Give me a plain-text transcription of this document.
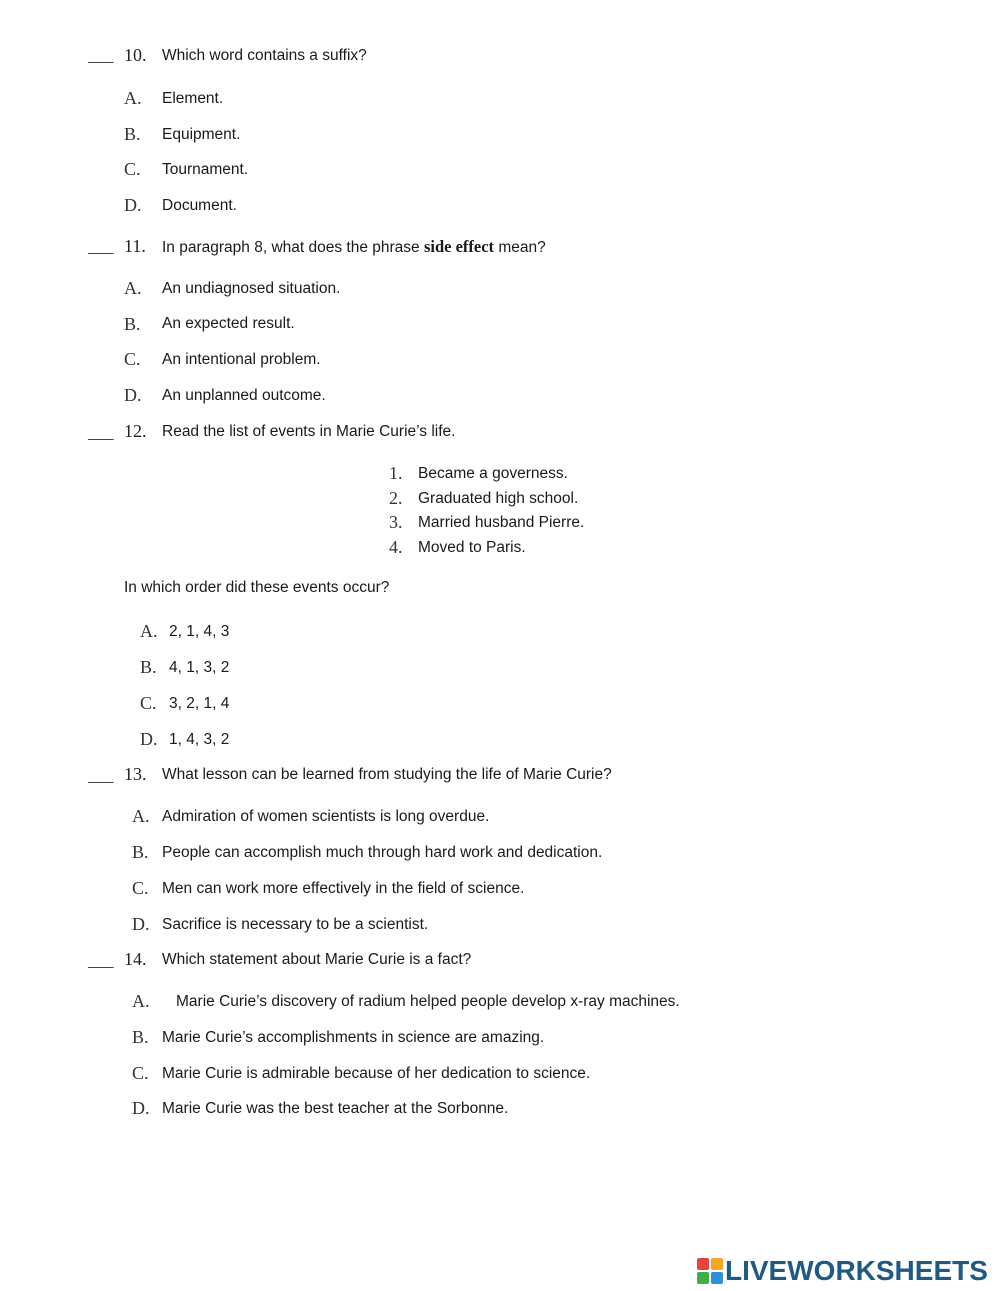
___ 10. Which word contains a suffix?
A. Element.
B. Equipment.
C. Tournament.
D. Document.
___ 11. In paragraph 8, what does the phrase side effect mean?
A. An undiagnosed situation.
B. An expected result.
C. An intentional problem.
D. An unplanned outcome.
___ 12. Read the list of events in Marie Curie’s life.
1. Became a governess.
2. Graduated high school.
3. Married husband Pierre.
4. Moved to Paris.
In which order did these events occur?
A. 2, 1, 4, 3
B. 4, 1, 3, 2
C. 3, 2, 1, 4
D. 1, 4, 3, 2
___ 13. What lesson can be learned from studying the life of Marie Curie?
A. Admiration of women scientists is long overdue.
B. People can accomplish much through hard work and dedication.
C. Men can work more effectively in the field of science.
D. Sacrifice is necessary to be a scientist.
___ 14. Which statement about Marie Curie is a fact?
A. Marie Curie’s discovery of radium helped people develop x-ray machines.
B. Marie Curie’s accomplishments in science are amazing.
C. Marie Curie is admirable because of her dedication to science.
D. Marie Curie was the best teacher at the Sorbonne.
LIVEWORKSHEETS
